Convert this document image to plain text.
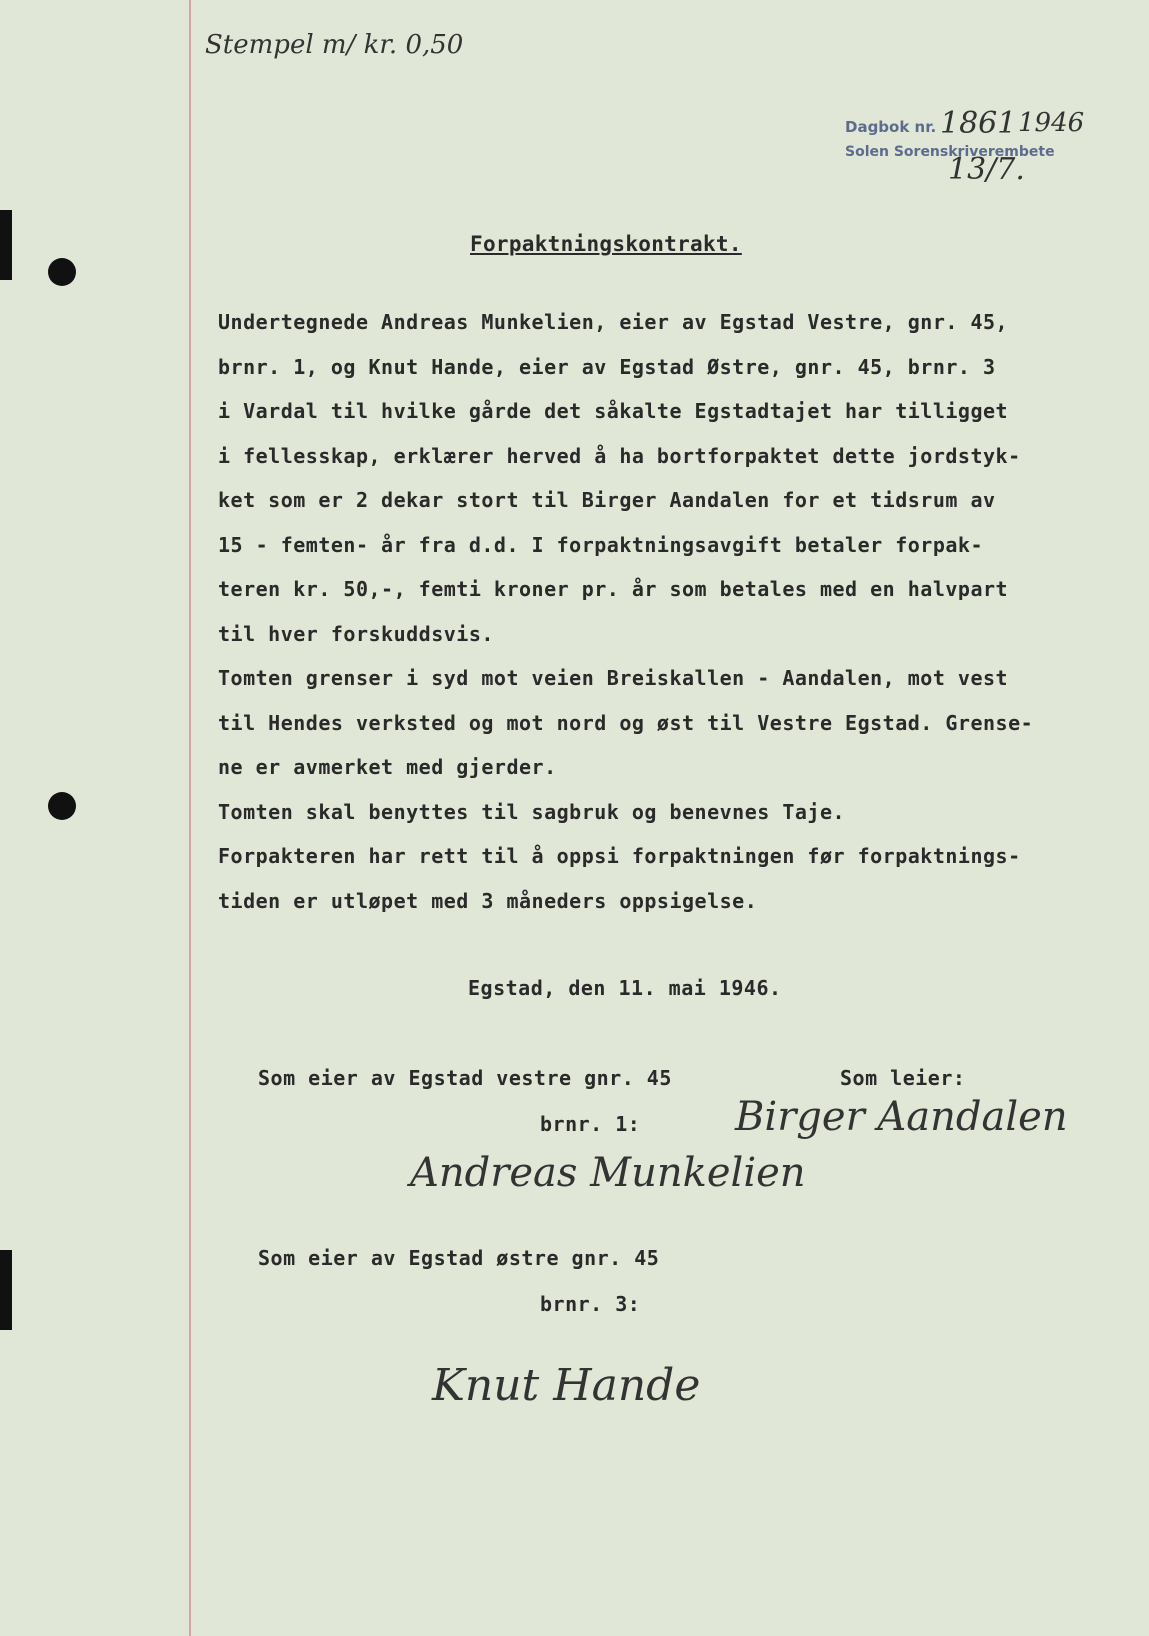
Stempel m/ kr. 0,50
Dagbok nr. 1861 1946
Solen Sorenskriverembete
13/7.
Forpaktningskontrakt.
Undertegnede Andreas Munkelien, eier av Egstad Vestre, gnr. 45,
brnr. 1, og Knut Hande, eier av Egstad Østre, gnr. 45, brnr. 3
i Vardal til hvilke gårde det såkalte Egstadtajet har tilligget
i fellesskap, erklærer herved å ha bortforpaktet dette jordstyk-
ket som er 2 dekar stort til Birger Aandalen for et tidsrum av
15 - femten- år fra d.d. I forpaktningsavgift betaler forpak-
teren kr. 50,-, femti kroner pr. år som betales med en halvpart
til hver forskuddsvis.
Tomten grenser i syd mot veien Breiskallen - Aandalen, mot vest
til Hendes verksted og mot nord og øst til Vestre Egstad. Grense-
ne er avmerket med gjerder.
Tomten skal benyttes til sagbruk og benevnes Taje.
Forpakteren har rett til å oppsi forpaktningen før forpaktnings-
tiden er utløpet med 3 måneders oppsigelse.
Egstad, den 11. mai 1946.
Som eier av Egstad vestre gnr. 45	Som leier:
brnr. 1: Birger Aandalen
Andreas Munkelien
Som eier av Egstad østre gnr. 45
brnr. 3:
Knut Hande
